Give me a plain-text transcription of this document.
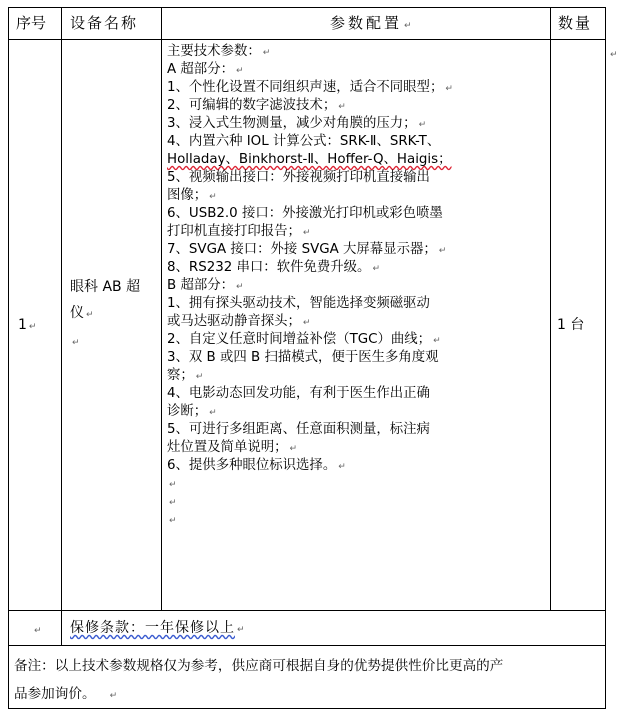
序号 设备名称	参数配置 ↵	数量
1 ↵
眼科 AB 超
仪 ↵
↵
主要技术参数： ↵
A 超部分： ↵
1、个性化设置不同组织声速，适合不同眼型； ↵
2、可编辑的数字滤波技术； ↵
3、浸入式生物测量，减少对角膜的压力； ↵
4、内置六种 IOL 计算公式：SRK-Ⅱ、SRK-T、
Holladay、Binkhorst-Ⅱ、Hoffer-Q、Haigis；
5、视频输出接口：外接视频打印机直接输出
图像； ↵
6、USB2.0 接口：外接激光打印机或彩色喷墨
打印机直接打印报告； ↵
7、SVGA 接口：外接 SVGA 大屏幕显示器； ↵
8、RS232 串口：软件免费升级。 ↵
B 超部分： ↵
1、拥有探头驱动技术，智能选择变频磁驱动
或马达驱动静音探头； ↵
2、自定义任意时间增益补偿（TGC）曲线； ↵
3、双 B 或四 B 扫描模式，便于医生多角度观
察； ↵
4、电影动态回发功能，有利于医生作出正确
诊断； ↵
5、可进行多组距离、任意面积测量，标注病
灶位置及简单说明； ↵
6、提供多种眼位标识选择。 ↵
↵
↵
↵
1 台
↵
↵ 保修条款：一年保修以上 ↵
备注：以上技术参数规格仅为参考，供应商可根据自身的优势提供性价比更高的产
品参加询价。 ↵
